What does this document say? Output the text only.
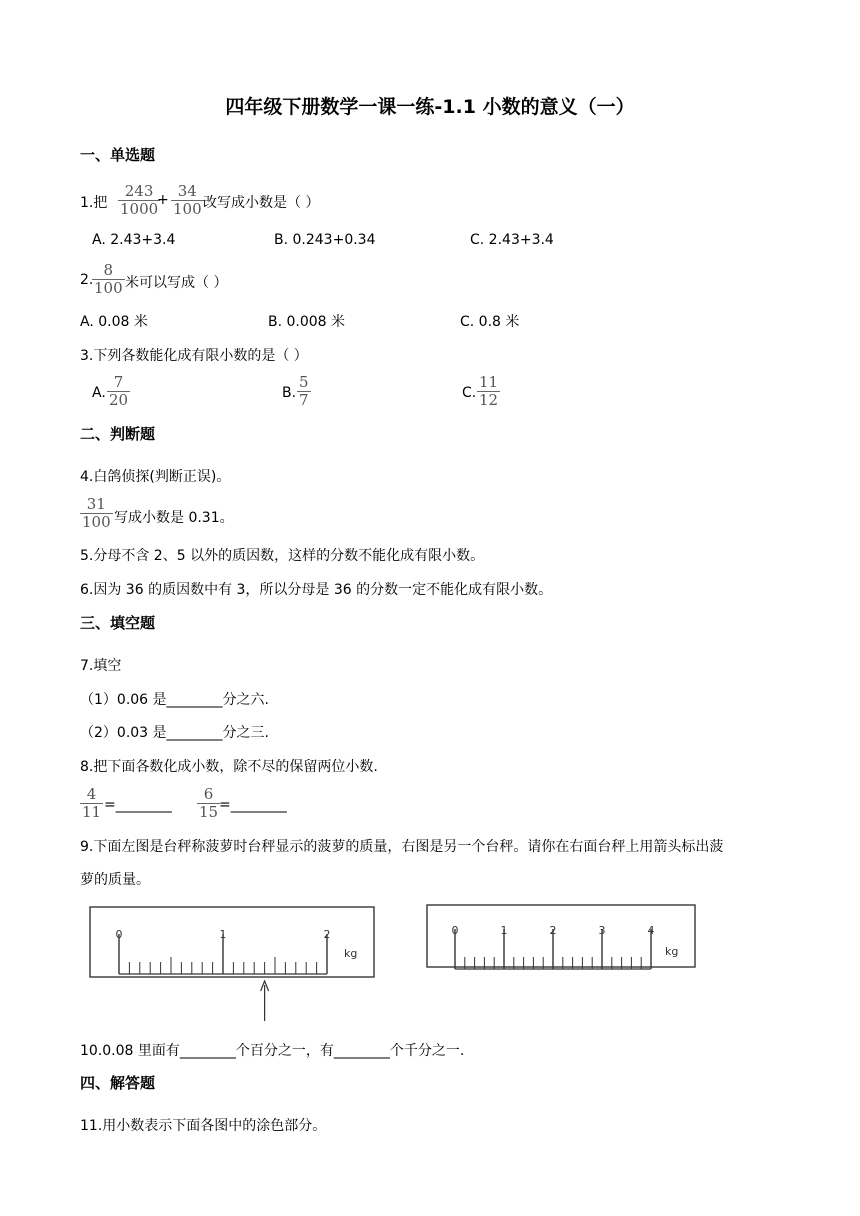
四年级下册数学一课一练-1.1 小数的意义（一）
一、单选题
1.把
243
1000
+ 34
100 改写成小数是（ ）
A. 2.43+3.4	B. 0.243+0.34	C. 2.43+3.4
2.
8
100 米可以写成（ ）
A. 0.08 米	B. 0.008 米	C. 0.8 米
3.下列各数能化成有限小数的是（ ）
A.
7
20	B.
5
7	C.
11
12
二、判断题
4.白鸽侦探(判断正误)。
31
100 写成小数是 0.31。
5.分母不含 2、5 以外的质因数，这样的分数不能化成有限小数。
6.因为 36 的质因数中有 3，所以分母是 36 的分数一定不能化成有限小数。
三、填空题
7.填空
（1）0.06 是________分之六.
（2）0.03 是________分之三.
8.把下面各数化成小数，除不尽的保留两位小数.
4
11 =________
6
15 =________
9.下面左图是台秤称菠萝时台秤显示的菠萝的质量，右图是另一个台秤。请你在右面台秤上用箭头标出菠
萝的质量。
0	1	2
kg
0	1	2	3	4
kg
10.0.08 里面有________个百分之一，有________个千分之一.
四、解答题
11.用小数表示下面各图中的涂色部分。
